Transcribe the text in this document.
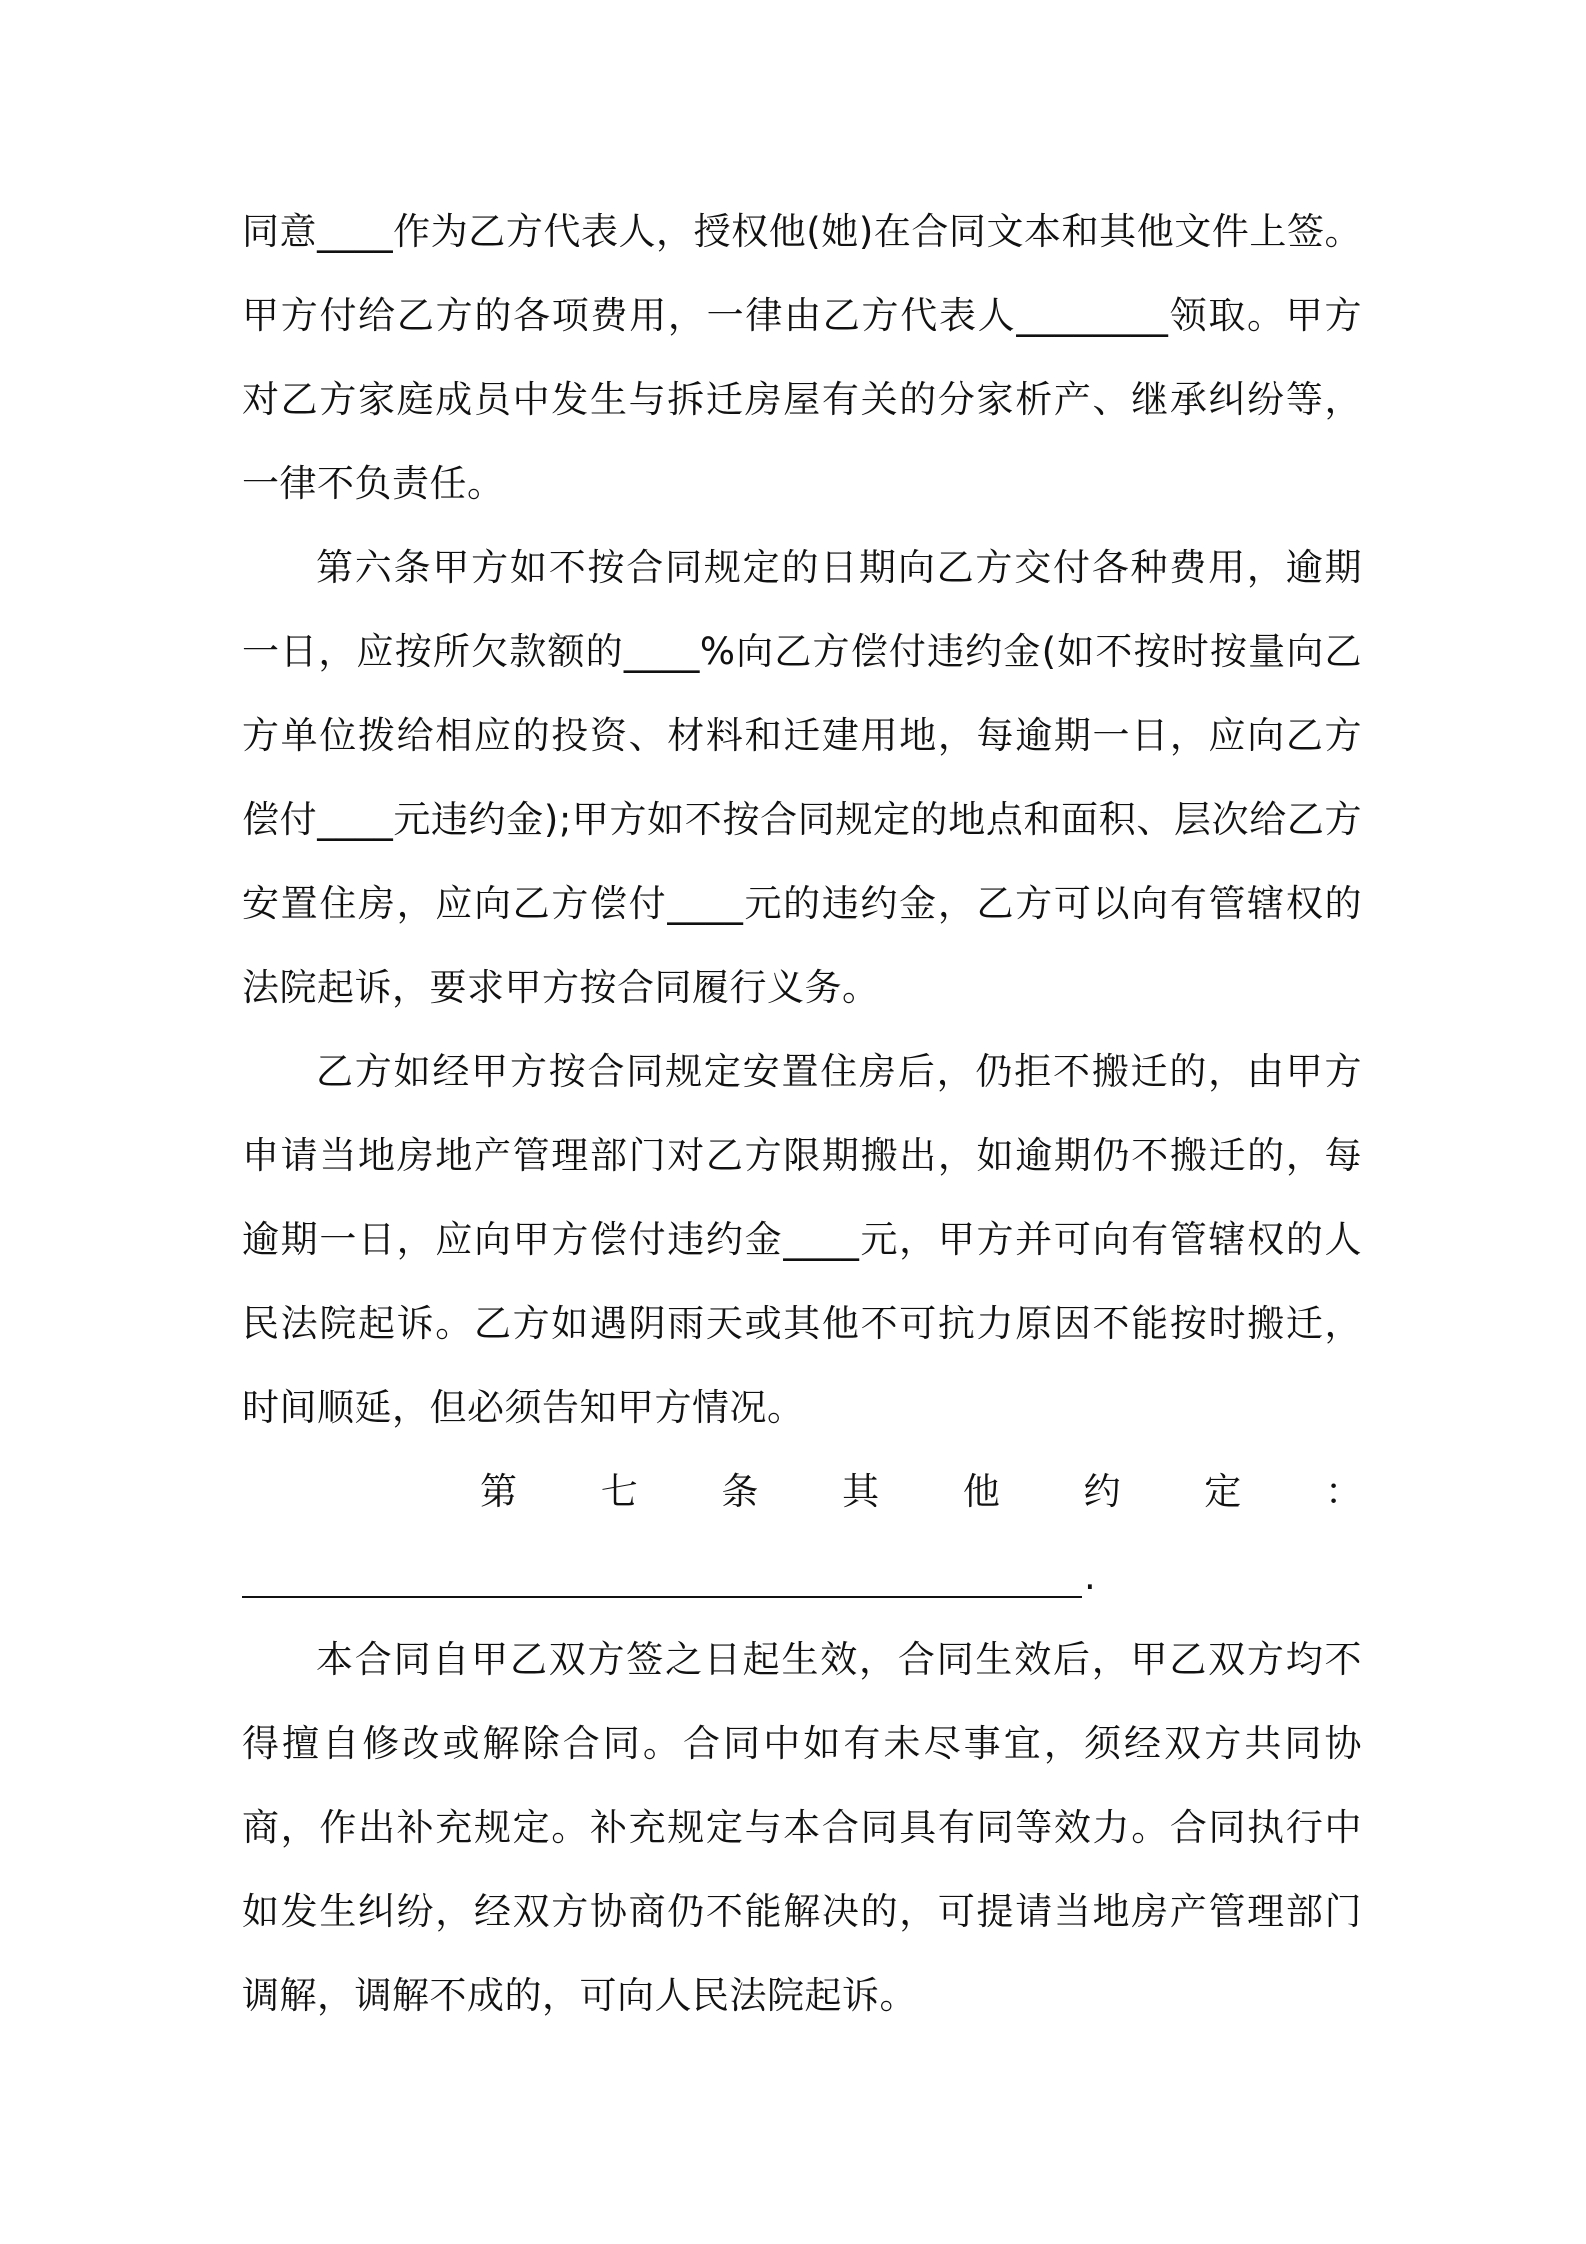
同意____作为乙方代表人，授权他(她)在合同文本和其他文件上签。甲方付给乙方的各项费用，一律由乙方代表人________领取。甲方对乙方家庭成员中发生与拆迁房屋有关的分家析产、继承纠纷等，一律不负责任。

第六条甲方如不按合同规定的日期向乙方交付各种费用，逾期一日，应按所欠款额的____%向乙方偿付违约金(如不按时按量向乙方单位拨给相应的投资、材料和迁建用地，每逾期一日，应向乙方偿付____元违约金);甲方如不按合同规定的地点和面积、层次给乙方安置住房，应向乙方偿付____元的违约金，乙方可以向有管辖权的法院起诉，要求甲方按合同履行义务。

乙方如经甲方按合同规定安置住房后，仍拒不搬迁的，由甲方申请当地房地产管理部门对乙方限期搬出，如逾期仍不搬迁的，每逾期一日，应向甲方偿付违约金____元，甲方并可向有管辖权的人民法院起诉。乙方如遇阴雨天或其他不可抗力原因不能按时搬迁，时间顺延，但必须告知甲方情况。

第七条其他约定：

.

本合同自甲乙双方签之日起生效，合同生效后，甲乙双方均不得擅自修改或解除合同。合同中如有未尽事宜，须经双方共同协商，作出补充规定。补充规定与本合同具有同等效力。合同执行中如发生纠纷，经双方协商仍不能解决的，可提请当地房产管理部门调解，调解不成的，可向人民法院起诉。
